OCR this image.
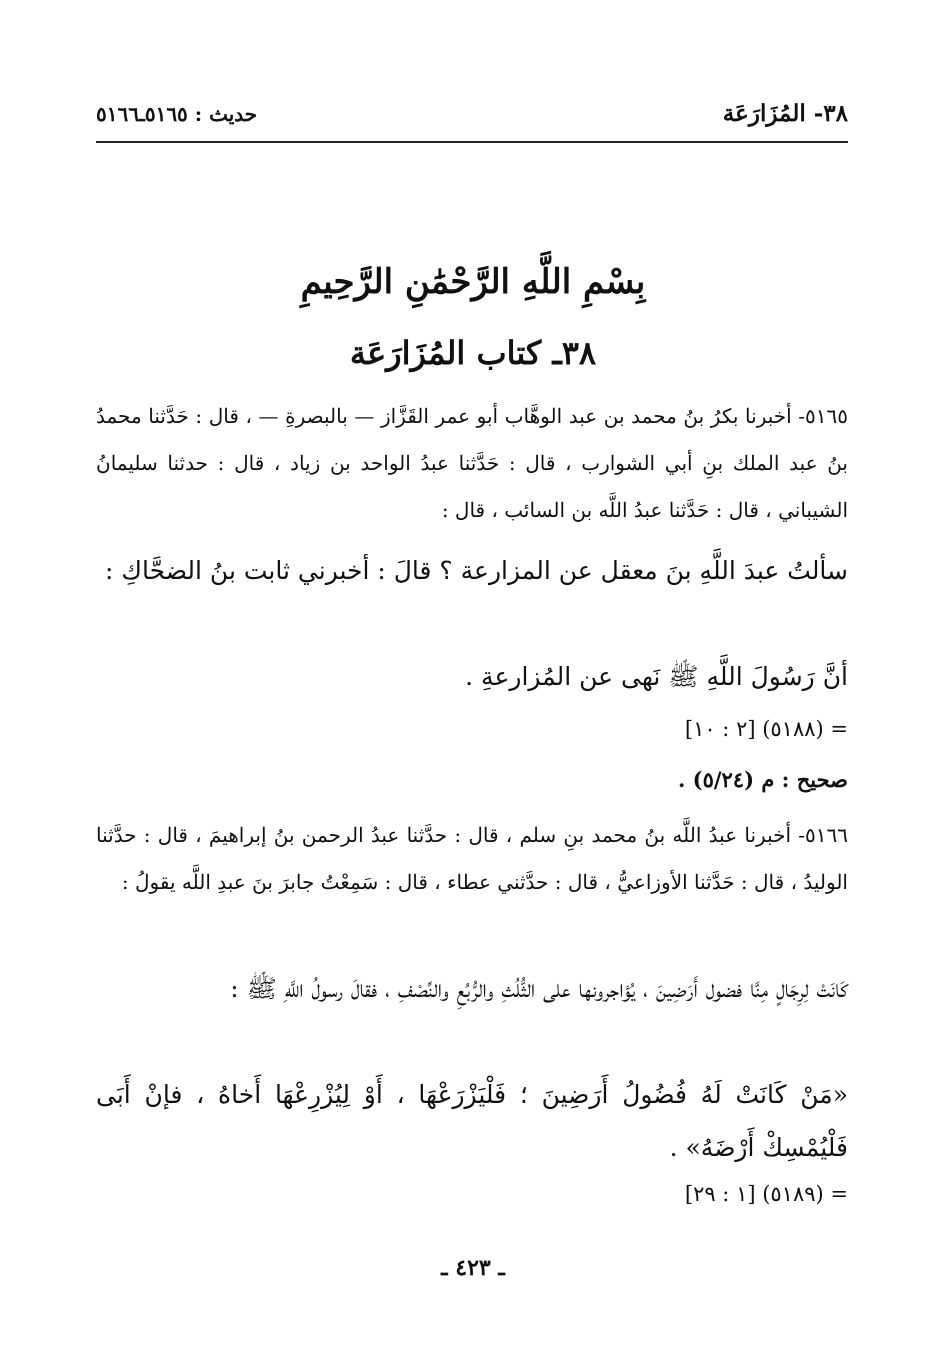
٣٨- المُزَارَعَة
حديث : ٥١٦٥ـ٥١٦٦
بِسْمِ اللَّهِ الرَّحْمَٰنِ الرَّحِيمِ
٣٨ـ كتاب المُزَارَعَة
٥١٦٥- أخبرنا بكرُ بنُ محمد بن عبد الوهَّاب أبو عمر القَزَّاز — بالبصرةِ — ، قال : حَدَّثنا محمدُ بنُ عبد الملك بنِ أبي الشوارب ، قال : حَدَّثنا عبدُ الواحد بن زياد ، قال : حدثنا سليمانُ الشيباني ، قال : حَدَّثنا عبدُ اللَّه بن السائب ، قال :
سألتُ عبدَ اللَّهِ بنَ معقل عن المزارعة ؟ قالَ : أخبرني ثابت بنُ الضحَّاكِ :
أنَّ رَسُولَ اللَّهِ ﷺ نَهى عن المُزارعةِ .
= (٥١٨٨) [٢ : ١٠]
صحيح : م (٥/٢٤) .
٥١٦٦- أخبرنا عبدُ اللَّه بنُ محمد بنِ سلم ، قال : حدَّثنا عبدُ الرحمن بنُ إبراهيمَ ، قال : حدَّثنا الوليدُ ، قال : حَدَّثنا الأوزاعيُّ ، قال : حدَّثني عطاء ، قال : سَمِعْتُ جابرَ بنَ عبدِ اللَّه يقولُ :
كَانَتْ لِرِجَالٍ مِنَّا فضول أَرَضِينَ ، يُؤاجرونها على الثُّلُثِ والرُّبُعِ والنِّصْفِ ، فقالَ رسولُ اللَّهِ ﷺ :
«مَنْ كَانَتْ لَهُ فُضُولُ أَرَضِينَ ؛ فَلْيَزْرَعْهَا ، أَوْ لِيُزْرِعْهَا أَخاهُ ، فإنْ أَبَى فَلْيُمْسِكْ أَرْضَهُ» .
= (٥١٨٩) [١ : ٢٩]
ـ ٤٢٣ ـ
